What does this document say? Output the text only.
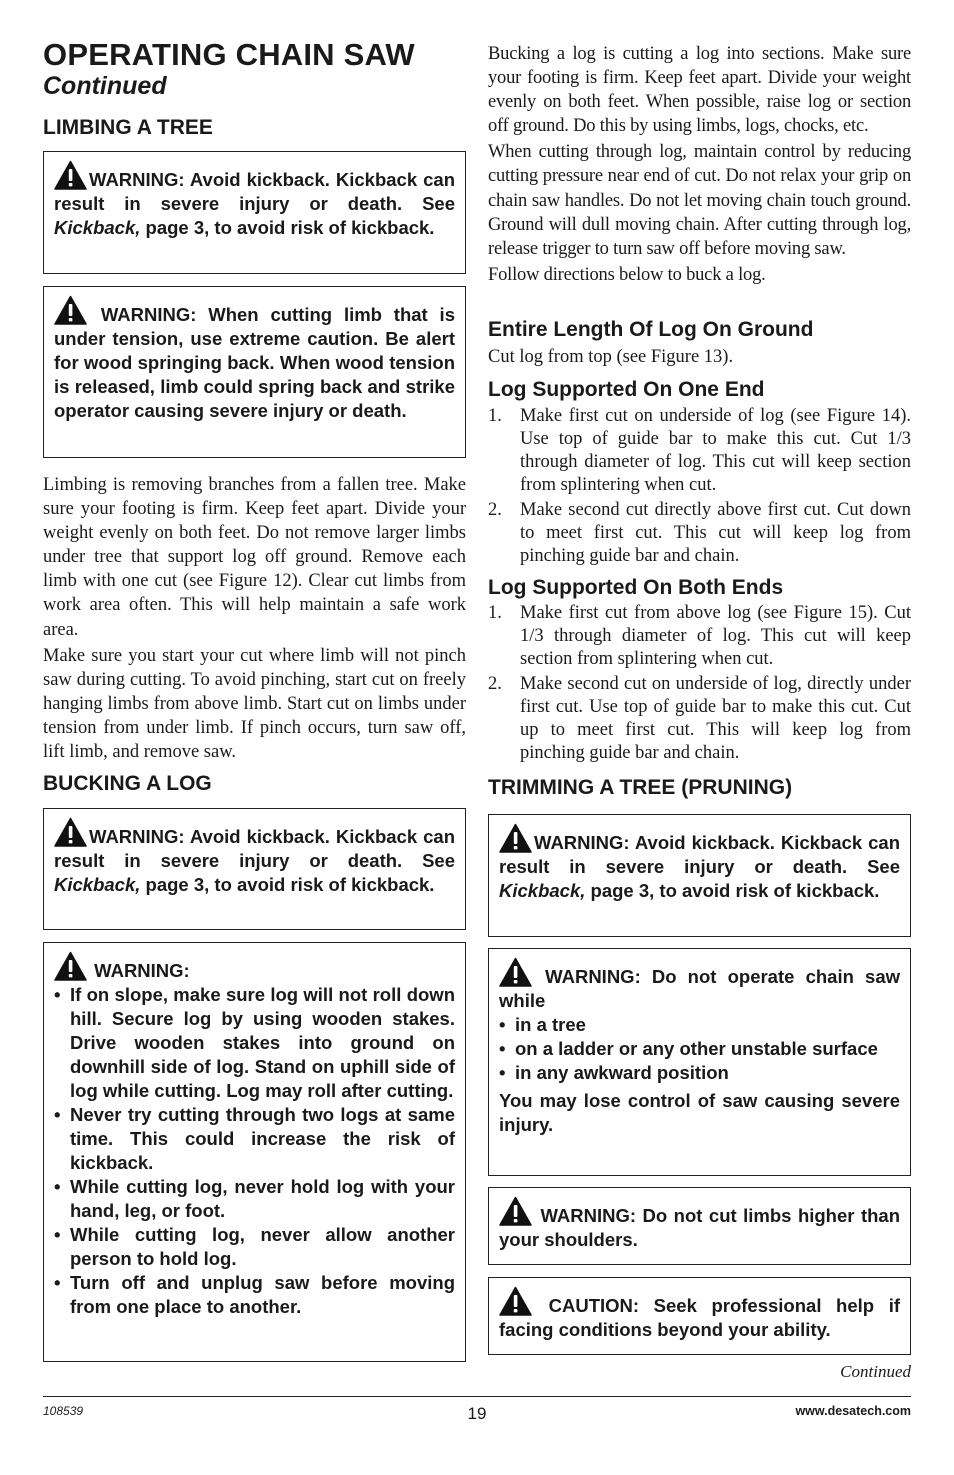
OPERATING CHAIN SAW
Continued
LIMBING A TREE

WARNING: Avoid kickback. Kickback can result in severe injury or death. See Kickback, page 3, to avoid risk of kickback.

WARNING: When cutting limb that is under tension, use extreme caution. Be alert for wood springing back. When wood tension is released, limb could spring back and strike operator causing severe injury or death.

Limbing is removing branches from a fallen tree. Make sure your footing is firm. Keep feet apart. Divide your weight evenly on both feet. Do not remove larger limbs under tree that support log off ground. Remove each limb with one cut (see Figure 12). Clear cut limbs from work area often. This will help maintain a safe work area.

Make sure you start your cut where limb will not pinch saw during cutting. To avoid pinching, start cut on freely hanging limbs from above limb. Start cut on limbs under tension from under limb. If pinch occurs, turn saw off, lift limb, and remove saw.

BUCKING A LOG

WARNING: Avoid kickback. Kickback can result in severe injury or death. See Kickback, page 3, to avoid risk of kickback.

WARNING:

• If on slope, make sure log will not roll down hill. Secure log by using wooden stakes. Drive wooden stakes into ground on downhill side of log. Stand on uphill side of log while cutting. Log may roll after cutting.
• Never try cutting through two logs at same time. This could increase the risk of kickback.
• While cutting log, never hold log with your hand, leg, or foot.
• While cutting log, never allow another person to hold log.
• Turn off and unplug saw before moving from one place to another.

Bucking a log is cutting a log into sections. Make sure your footing is firm. Keep feet apart. Divide your weight evenly on both feet. When possible, raise log or section off ground. Do this by using limbs, logs, chocks, etc.

When cutting through log, maintain control by reducing cutting pressure near end of cut. Do not relax your grip on chain saw handles. Do not let moving chain touch ground. Ground will dull moving chain. After cutting through log, release trigger to turn saw off before moving saw.

Follow directions below to buck a log.

Entire Length Of Log On Ground
Cut log from top (see Figure 13).
Log Supported On One End
1. Make first cut on underside of log (see Figure 14). Use top of guide bar to make this cut. Cut 1/3 through diameter of log. This cut will keep section from splintering when cut.
2. Make second cut directly above first cut. Cut down to meet first cut. This cut will keep log from pinching guide bar and chain.
Log Supported On Both Ends
1. Make first cut from above log (see Figure 15). Cut 1/3 through diameter of log. This cut will keep section from splintering when cut.
2. Make second cut on underside of log, directly under first cut. Use top of guide bar to make this cut. Cut up to meet first cut. This will keep log from pinching guide bar and chain.
TRIMMING A TREE (PRUNING)

WARNING: Avoid kickback. Kickback can result in severe injury or death. See Kickback, page 3, to avoid risk of kickback.

WARNING: Do not operate chain saw while

• in a tree
• on a ladder or any other unstable surface
• in any awkward position

You may lose control of saw causing severe injury.

WARNING: Do not cut limbs higher than your shoulders.

CAUTION: Seek professional help if facing conditions beyond your ability.

Continued
108539	19	www.desatech.com
